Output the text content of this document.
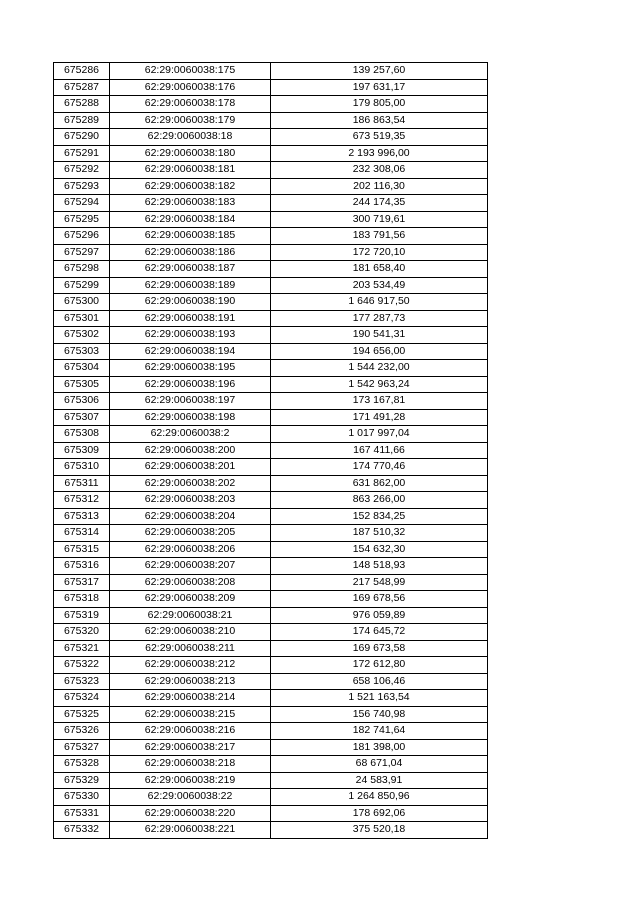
675286	62:29:0060038:175	139 257,60
675287	62:29:0060038:176	197 631,17
675288	62:29:0060038:178	179 805,00
675289	62:29:0060038:179	186 863,54
675290	62:29:0060038:18	673 519,35
675291	62:29:0060038:180	2 193 996,00
675292	62:29:0060038:181	232 308,06
675293	62:29:0060038:182	202 116,30
675294	62:29:0060038:183	244 174,35
675295	62:29:0060038:184	300 719,61
675296	62:29:0060038:185	183 791,56
675297	62:29:0060038:186	172 720,10
675298	62:29:0060038:187	181 658,40
675299	62:29:0060038:189	203 534,49
675300	62:29:0060038:190	1 646 917,50
675301	62:29:0060038:191	177 287,73
675302	62:29:0060038:193	190 541,31
675303	62:29:0060038:194	194 656,00
675304	62:29:0060038:195	1 544 232,00
675305	62:29:0060038:196	1 542 963,24
675306	62:29:0060038:197	173 167,81
675307	62:29:0060038:198	171 491,28
675308	62:29:0060038:2	1 017 997,04
675309	62:29:0060038:200	167 411,66
675310	62:29:0060038:201	174 770,46
675311	62:29:0060038:202	631 862,00
675312	62:29:0060038:203	863 266,00
675313	62:29:0060038:204	152 834,25
675314	62:29:0060038:205	187 510,32
675315	62:29:0060038:206	154 632,30
675316	62:29:0060038:207	148 518,93
675317	62:29:0060038:208	217 548,99
675318	62:29:0060038:209	169 678,56
675319	62:29:0060038:21	976 059,89
675320	62:29:0060038:210	174 645,72
675321	62:29:0060038:211	169 673,58
675322	62:29:0060038:212	172 612,80
675323	62:29:0060038:213	658 106,46
675324	62:29:0060038:214	1 521 163,54
675325	62:29:0060038:215	156 740,98
675326	62:29:0060038:216	182 741,64
675327	62:29:0060038:217	181 398,00
675328	62:29:0060038:218	68 671,04
675329	62:29:0060038:219	24 583,91
675330	62:29:0060038:22	1 264 850,96
675331	62:29:0060038:220	178 692,06
675332	62:29:0060038:221	375 520,18
